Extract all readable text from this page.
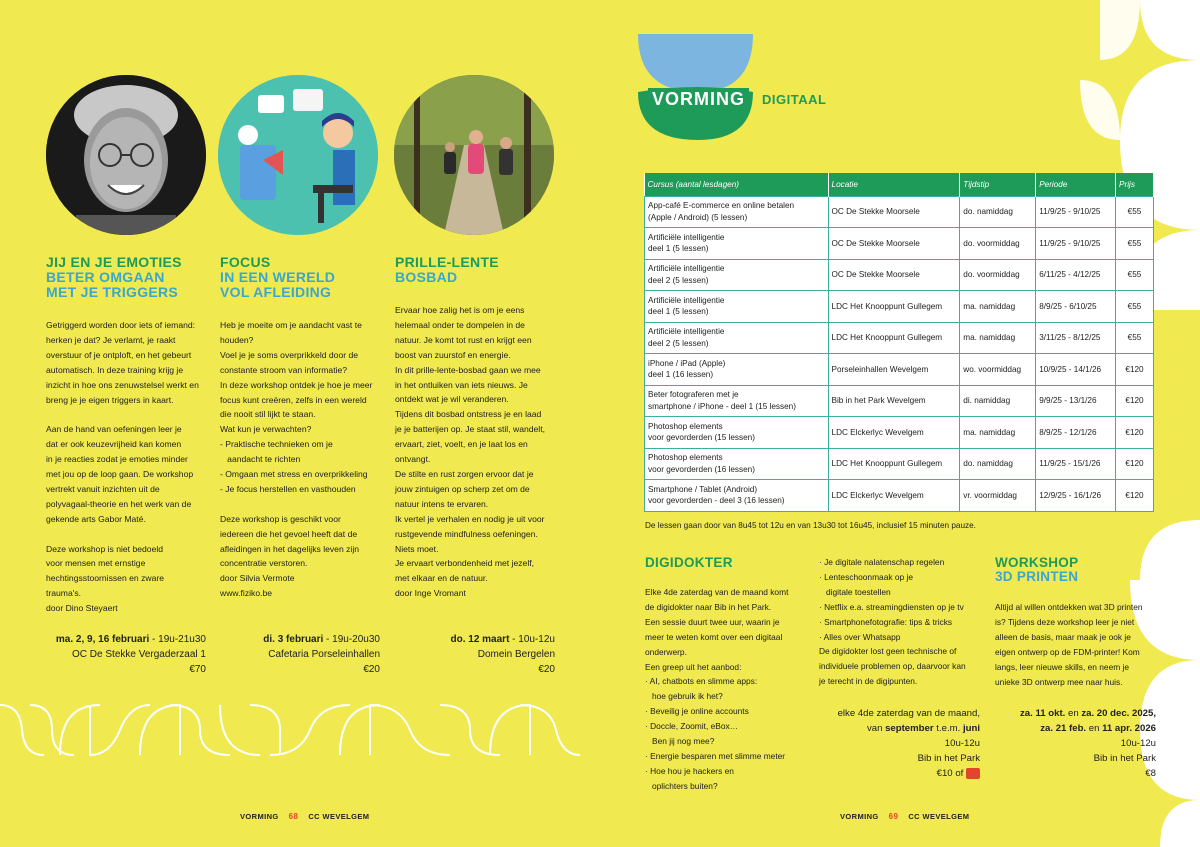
JIJ EN JE EMOTIES
BETER OMGAAN
MET JE TRIGGERS

Getriggerd worden door iets of iemand:
herken je dat? Je verlamt, je raakt
overstuur of je ontploft, en het gebeurt
automatisch. In deze training krijg je
inzicht in hoe ons zenuwstelsel werkt en
breng je je eigen triggers in kaart.

Aan de hand van oefeningen leer je
dat er ook keuzevrijheid kan komen
in je reacties zodat je emoties minder
met jou op de loop gaan. De workshop
vertrekt vanuit inzichten uit de
polyvagaal-theorie en het werk van de
gekende arts Gabor Maté.

Deze workshop is niet bedoeld
voor mensen met ernstige
hechtingsstoornissen en zware
trauma's.
door Dino Steyaert

ma. 2, 9, 16 februari - 19u-21u30
OC De Stekke Vergaderzaal 1
€70
FOCUS
IN EEN WERELD
VOL AFLEIDING

Heb je moeite om je aandacht vast te
houden?
Voel je je soms overprikkeld door de
constante stroom van informatie?
In deze workshop ontdek je hoe je meer
focus kunt creëren, zelfs in een wereld
die nooit stil lijkt te staan.
Wat kun je verwachten?
- Praktische technieken om je
aandacht te richten
- Omgaan met stress en overprikkeling
- Je focus herstellen en vasthouden

Deze workshop is geschikt voor
iedereen die het gevoel heeft dat de
afleidingen in het dagelijks leven zijn
concentratie verstoren.
door Silvia Vermote
www.fiziko.be

di. 3 februari - 19u-20u30
Cafetaria Porseleinhallen
€20
PRILLE-LENTE
BOSBAD

Ervaar hoe zalig het is om je eens
helemaal onder te dompelen in de
natuur. Je komt tot rust en krijgt een
boost van zuurstof en energie.
In dit prille-lente-bosbad gaan we mee
in het ontluiken van iets nieuws. Je
ontdekt wat je wil veranderen.
Tijdens dit bosbad ontstress je en laad
je je batterijen op. Je staat stil, wandelt,
ervaart, ziet, voelt, en je laat los en
ontvangt.
De stilte en rust zorgen ervoor dat je
jouw zintuigen op scherp zet om de
natuur intens te ervaren.
Ik vertel je verhalen en nodig je uit voor
rustgevende mindfulness oefeningen.
Niets moet.
Je ervaart verbondenheid met jezelf,
met elkaar en de natuur.
door Inge Vromant

do. 12 maart - 10u-12u
Domein Bergelen
€20
VORMING 68 CC WEVELGEM
VORMING	DIGITAAL
Cursus (aantal lesdagen)	Locatie	Tijdstip	Periode	Prijs

App-café E-commerce en online betalen
(Apple / Android) (5 lessen)	OC De Stekke Moorsele	do. namiddag	11/9/25 - 9/10/25	€55

Artificiële intelligentie
deel 1 (5 lessen)	OC De Stekke Moorsele	do. voormiddag	11/9/25 - 9/10/25	€55

Artificiële intelligentie
deel 2 (5 lessen)	OC De Stekke Moorsele	do. voormiddag	6/11/25 - 4/12/25	€55

Artificiële intelligentie
deel 1 (5 lessen)	LDC Het Knooppunt Gullegem	ma. namiddag	8/9/25 - 6/10/25	€55

Artificiële intelligentie
deel 2 (5 lessen)	LDC Het Knooppunt Gullegem	ma. namiddag	3/11/25 - 8/12/25	€55

iPhone / iPad (Apple)
deel 1 (16 lessen)	Porseleinhallen Wevelgem	wo. voormiddag	10/9/25 - 14/1/26	€120

Beter fotograferen met je
smartphone / iPhone - deel 1 (15 lessen)	Bib in het Park Wevelgem	di. namiddag	9/9/25 - 13/1/26	€120

Photoshop elements
voor gevorderden (15 lessen)	LDC Elckerlyc Wevelgem	ma. namiddag	8/9/25 - 12/1/26	€120

Photoshop elements
voor gevorderden (16 lessen)	LDC Het Knooppunt Gullegem	do. namiddag	11/9/25 - 15/1/26	€120

Smartphone / Tablet (Android)
voor gevorderden - deel 3 (16 lessen)	LDC Elckerlyc Wevelgem	vr. voormiddag	12/9/25 - 16/1/26	€120
De lessen gaan door van 8u45 tot 12u en van 13u30 tot 16u45, inclusief 15 minuten pauze.
DIGIDOKTER
Elke 4de zaterdag van de maand komt
de digidokter naar Bib in het Park.
Een sessie duurt twee uur, waarin je
meer te weten komt over een digitaal
onderwerp.
Een greep uit het aanbod:
· AI, chatbots en slimme apps:
hoe gebruik ik het?
· Beveilig je online accounts
· Doccle, Zoomit, eBox…
Ben jij nog mee?
· Energie besparen met slimme meter
· Hoe hou je hackers en
oplichters buiten?
· Je digitale nalatenschap regelen
· Lenteschoonmaak op je
digitale toestellen
· Netflix e.a. streamingdiensten op je tv
· Smartphonefotografie: tips & tricks
· Alles over Whatsapp
De digidokter lost geen technische of
individuele problemen op, daarvoor kan
je terecht in de digipunten.
elke 4de zaterdag van de maand,
van september t.e.m. juni
10u-12u
Bib in het Park
€10 of
WORKSHOP
3D PRINTEN
Altijd al willen ontdekken wat 3D printen
is? Tijdens deze workshop leer je niet
alleen de basis, maar maak je ook je
eigen ontwerp op de FDM-printer! Kom
langs, leer nieuwe skills, en neem je
unieke 3D ontwerp mee naar huis.
za. 11 okt. en za. 20 dec. 2025,
za. 21 feb. en 11 apr. 2026
10u-12u
Bib in het Park
€8
VORMING 69 CC WEVELGEM
